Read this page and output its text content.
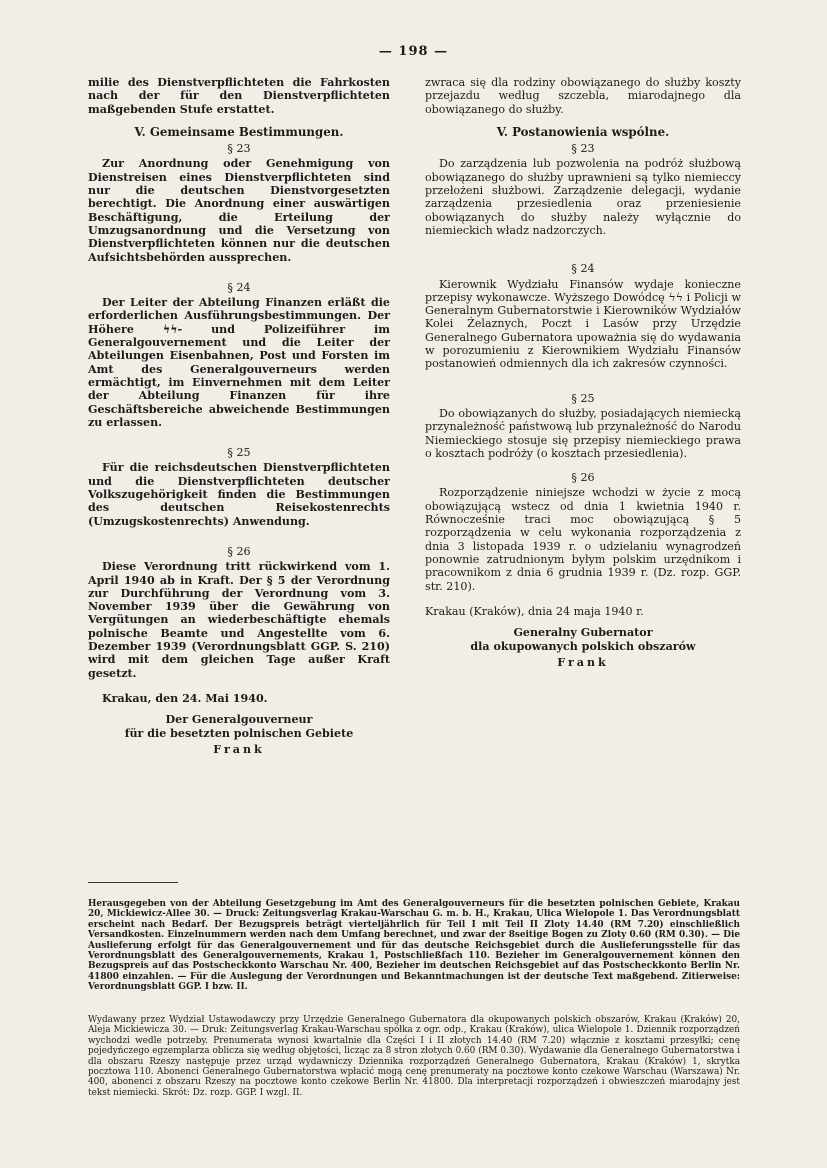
— 198 —

milie des Dienstverpflichteten die Fahrkosten nach der für den Dienstverpflichteten maßgebenden Stufe erstattet.

V. Gemeinsame Bestimmungen.
§ 23

Zur Anordnung oder Genehmigung von Dienstreisen eines Dienstverpflichteten sind nur die deutschen Dienstvorgesetzten berechtigt. Die Anordnung einer auswärtigen Beschäftigung, die Erteilung der Umzugsanordnung und die Versetzung von Dienstverpflichteten können nur die deutschen Aufsichtsbehörden aussprechen.

§ 24

Der Leiter der Abteilung Finanzen erläßt die erforderlichen Ausführungsbestimmungen. Der Höhere ϟϟ- und Polizeiführer im Generalgouvernement und die Leiter der Abteilungen Eisenbahnen, Post und Forsten im Amt des Generalgouverneurs werden ermächtigt, im Einvernehmen mit dem Leiter der Abteilung Finanzen für ihre Geschäftsbereiche abweichende Bestimmungen zu erlassen.

§ 25

Für die reichsdeutschen Dienstverpflichteten und die Dienstverpflichteten deutscher Volkszugehörigkeit finden die Bestimmungen des deutschen Reisekostenrechts (Umzugskostenrechts) Anwendung.

§ 26

Diese Verordnung tritt rückwirkend vom 1. April 1940 ab in Kraft. Der § 5 der Verordnung zur Durchführung der Verordnung vom 3. November 1939 über die Gewährung von Vergütungen an wiederbeschäftigte ehemals polnische Beamte und Angestellte vom 6. Dezember 1939 (Verordnungsblatt GGP. S. 210) wird mit dem gleichen Tage außer Kraft gesetzt.

Krakau, den 24. Mai 1940.

Der Generalgouverneur
für die besetzten polnischen Gebiete
Frank

zwraca się dla rodziny obowiązanego do służby koszty przejazdu według szczebla, miarodajnego dla obowiązanego do służby.

V. Postanowienia wspólne.
§ 23

Do zarządzenia lub pozwolenia na podróż służbową obowiązanego do służby uprawnieni są tylko niemieccy przełożeni służbowi. Zarządzenie delegacji, wydanie zarządzenia przesiedlenia oraz przeniesienie obowiązanych do służby należy wyłącznie do niemieckich władz nadzorczych.

§ 24

Kierownik Wydziału Finansów wydaje konieczne przepisy wykonawcze. Wyższego Dowódcę ϟϟ i Policji w Generalnym Gubernatorstwie i Kierowników Wydziałów Kolei Żelaznych, Poczt i Lasów przy Urzędzie Generalnego Gubernatora upoważnia się do wydawania w porozumieniu z Kierownikiem Wydziału Finansów postanowień odmiennych dla ich zakresów czynności.

§ 25

Do obowiązanych do służby, posiadających niemiecką przynależność państwową lub przynależność do Narodu Niemieckiego stosuje się przepisy niemieckiego prawa o kosztach podróży (o kosztach przesiedlenia).

§ 26

Rozporządzenie niniejsze wchodzi w życie z mocą obowiązującą wstecz od dnia 1 kwietnia 1940 r. Równocześnie traci moc obowiązującą § 5 rozporządzenia w celu wykonania rozporządzenia z dnia 3 listopada 1939 r. o udzielaniu wynagrodzeń ponownie zatrudnionym byłym polskim urzędnikom i pracownikom z dnia 6 grudnia 1939 r. (Dz. rozp. GGP. str. 210).

Krakau (Kraków), dnia 24 maja 1940 r.

Generalny Gubernator
dla okupowanych polskich obszarów
Frank

Herausgegeben von der Abteilung Gesetzgebung im Amt des Generalgouverneurs für die besetzten polnischen Gebiete, Krakau 20, Mickiewicz-Allee 30. — Druck: Zeitungsverlag Krakau-Warschau G. m. b. H., Krakau, Ulica Wielopole 1. Das Verordnungsblatt erscheint nach Bedarf. Der Bezugspreis beträgt vierteljährlich für Teil I mit Teil II Zloty 14.40 (RM 7.20) einschließlich Versandkosten. Einzelnummern werden nach dem Umfang berechnet, und zwar der 8seitige Bogen zu Zloty 0.60 (RM 0.30). — Die Auslieferung erfolgt für das Generalgouvernement und für das deutsche Reichsgebiet durch die Auslieferungsstelle für das Verordnungsblatt des Generalgouvernements, Krakau 1, Postschließfach 110. Bezieher im Generalgouvernement können den Bezugspreis auf das Postscheckkonto Warschau Nr. 400, Bezieher im deutschen Reichsgebiet auf das Postscheckkonto Berlin Nr. 41800 einzahlen. — Für die Auslegung der Verordnungen und Bekanntmachungen ist der deutsche Text maßgebend. Zitierweise: Verordnungsblatt GGP. I bzw. II.

Wydawany przez Wydział Ustawodawczy przy Urzędzie Generalnego Gubernatora dla okupowanych polskich obszarów, Krakau (Kraków) 20, Aleja Mickiewicza 30. — Druk: Zeitungsverlag Krakau-Warschau spółka z ogr. odp., Krakau (Kraków), ulica Wielopole 1. Dziennik rozporządzeń wychodzi wedle potrzeby. Prenumerata wynosi kwartalnie dla Części I i II złotych 14.40 (RM 7.20) włącznie z kosztami przesyłki; cenę pojedyńczego egzemplarza oblicza się według objętości, licząc za 8 stron złotych 0.60 (RM 0.30). Wydawanie dla Generalnego Gubernatorstwa i dla obszaru Rzeszy następuje przez urząd wydawniczy Dziennika rozporządzeń Generalnego Gubernatora, Krakau (Kraków) 1, skrytka pocztowa 110. Abonenci Generalnego Gubernatorstwa wpłacić mogą cenę prenumeraty na pocztowe konto czekowe Warschau (Warszawa) Nr. 400, abonenci z obszaru Rzeszy na pocztowe konto czekowe Berlin Nr. 41800. Dla interpretacji rozporządzeń i obwieszczeń miarodajny jest tekst niemiecki. Skrót: Dz. rozp. GGP. I wzgl. II.
